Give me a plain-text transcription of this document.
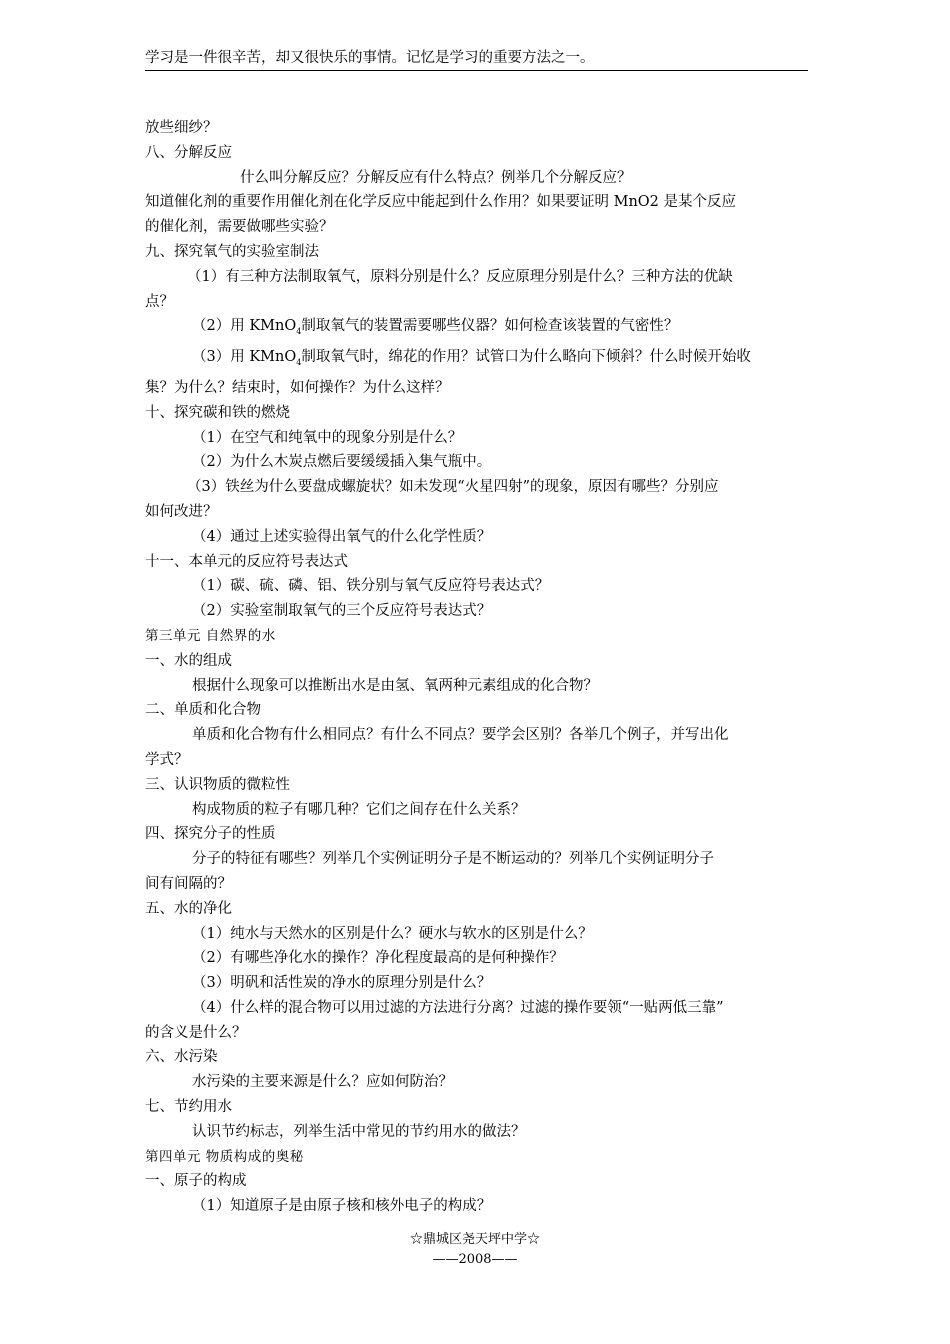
学习是一件很辛苦，却又很快乐的事情。记忆是学习的重要方法之一。

放些细纱？

八、分解反应

什么叫分解反应？分解反应有什么特点？例举几个分解反应？

知道催化剂的重要作用催化剂在化学反应中能起到什么作用？如果要证明 MnO2 是某个反应

的催化剂，需要做哪些实验？

九、探究氧气的实验室制法

（1）有三种方法制取氧气，原料分别是什么？反应原理分别是什么？三种方法的优缺

点？

（2）用 KMnO$_4$制取氧气的装置需要哪些仪器？如何检查该装置的气密性？

（3）用 KMnO$_4$制取氧气时，绵花的作用？试管口为什么略向下倾斜？什么时候开始收

集？为什么？结束时，如何操作？为什么这样？

十、探究碳和铁的燃烧

（1）在空气和纯氧中的现象分别是什么？

（2）为什么木炭点燃后要缓缓插入集气瓶中。

（3）铁丝为什么要盘成螺旋状？如未发现“火星四射”的现象，原因有哪些？分别应

如何改进？

（4）通过上述实验得出氧气的什么化学性质？

十一、本单元的反应符号表达式

（1）碳、硫、磷、铝、铁分别与氧气反应符号表达式？

（2）实验室制取氧气的三个反应符号表达式？

第三单元 自然界的水

一、水的组成

根据什么现象可以推断出水是由氢、氧两种元素组成的化合物？

二、单质和化合物

单质和化合物有什么相同点？有什么不同点？要学会区别？各举几个例子，并写出化

学式？

三、认识物质的微粒性

构成物质的粒子有哪几种？它们之间存在什么关系？

四、探究分子的性质

分子的特征有哪些？列举几个实例证明分子是不断运动的？列举几个实例证明分子

间有间隔的？

五、水的净化

（1）纯水与天然水的区别是什么？硬水与软水的区别是什么？

（2）有哪些净化水的操作？净化程度最高的是何种操作？

（3）明矾和活性炭的净水的原理分别是什么？

（4）什么样的混合物可以用过滤的方法进行分离？过滤的操作要领“一贴两低三靠”

的含义是什么？

六、水污染

水污染的主要来源是什么？应如何防治？

七、节约用水

认识节约标志，列举生活中常见的节约用水的做法？

第四单元 物质构成的奥秘

一、原子的构成

（1）知道原子是由原子核和核外电子的构成？

☆鼎城区尧天坪中学☆
——2008——
